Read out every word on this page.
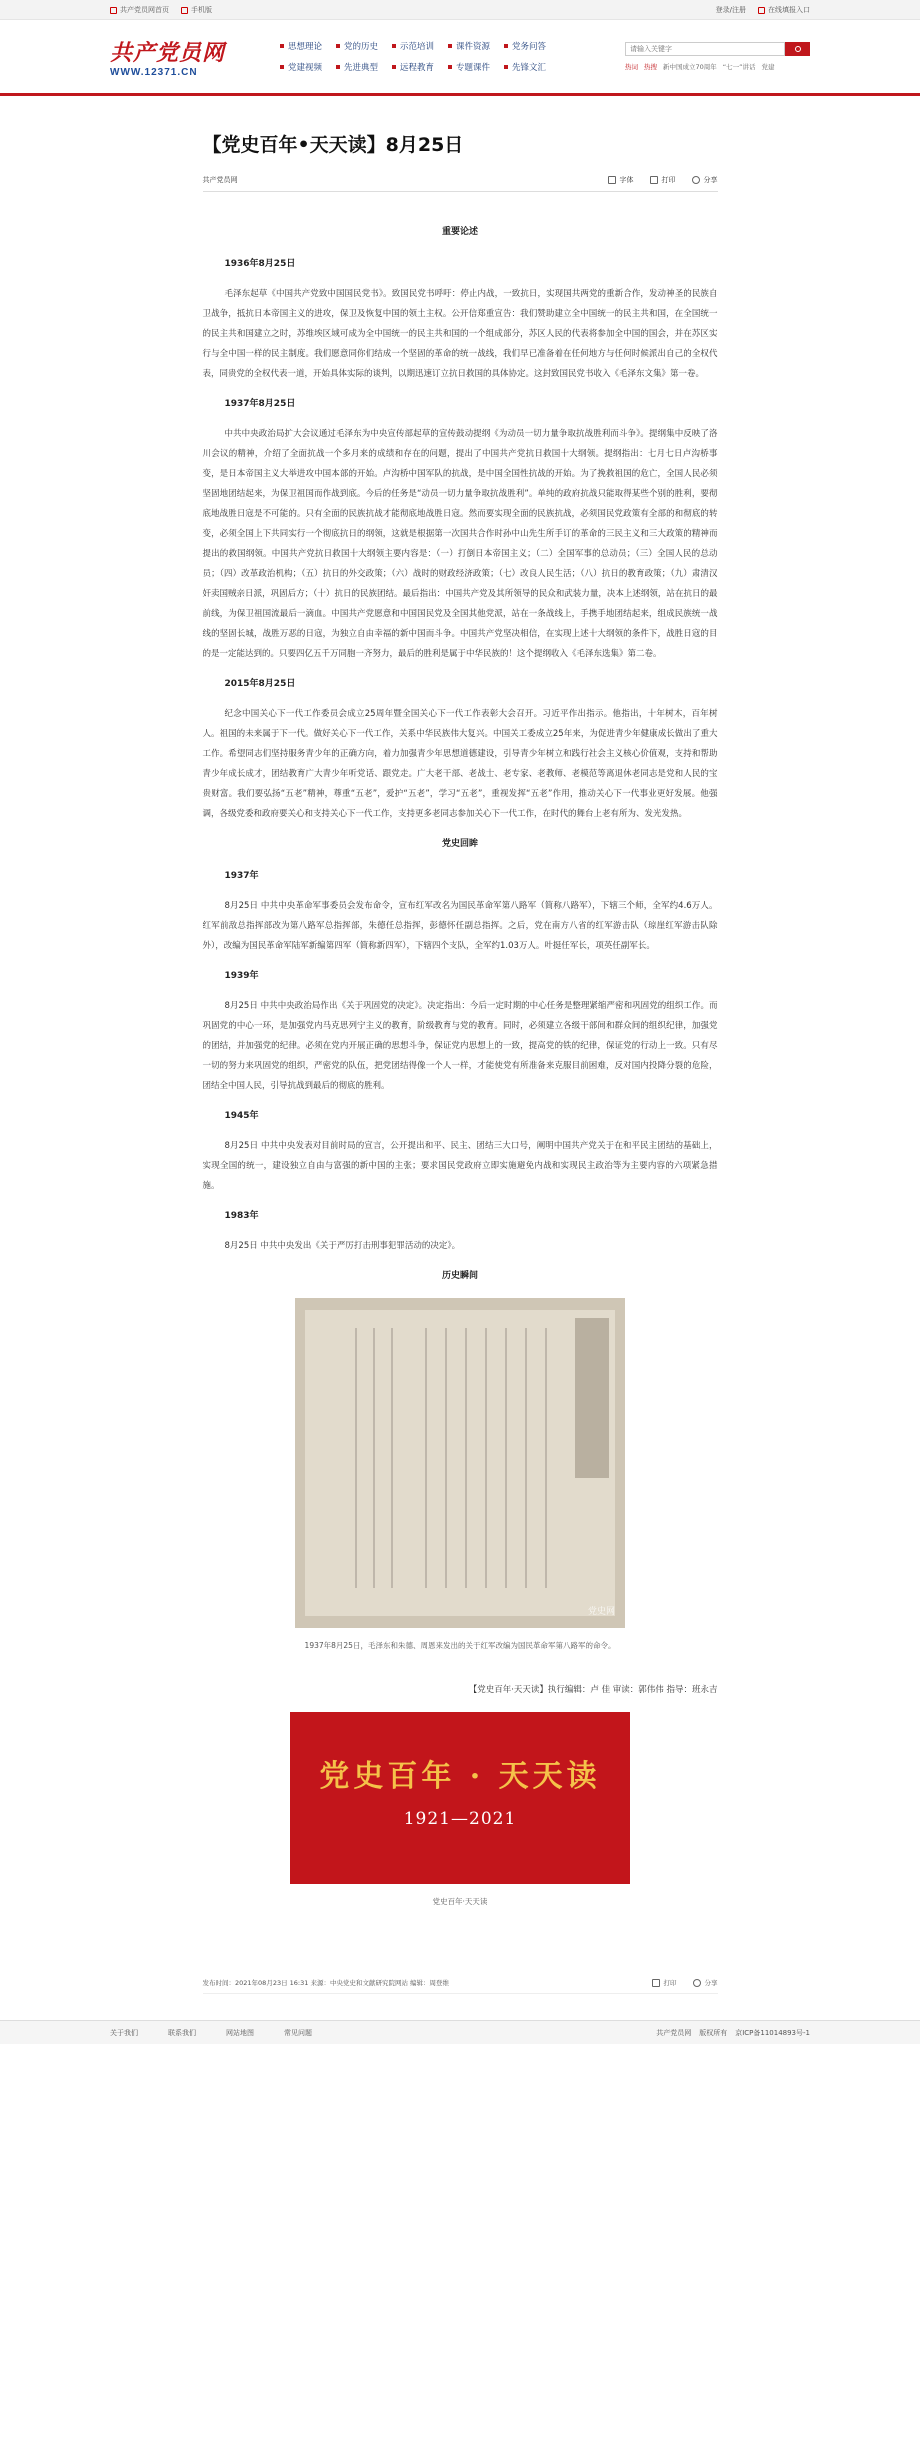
共产党员网首页	手机版	登录/注册	在线填报入口
共产党员网
WWW.12371.CN
思想理论	党的历史	示范培训	课件资源	党务问答
党建视频	先进典型	远程教育	专题课件	先锋文汇
请输入关键字	热词 热搜 新中国成立70周年 “七一”讲话 党建
【党史百年•天天读】8月25日
共产党员网	字体	打印	分享
重要论述
1936年8月25日

毛泽东起草《中国共产党致中国国民党书》。致国民党书呼吁：停止内战，一致抗日，实现国共两党的重新合作，发动神圣的民族自卫战争，抵抗日本帝国主义的进攻，保卫及恢复中国的领土主权。公开信郑重宣告：我们赞助建立全中国统一的民主共和国，在全国统一的民主共和国建立之时，苏维埃区域可成为全中国统一的民主共和国的一个组成部分，苏区人民的代表将参加全中国的国会，并在苏区实行与全中国一样的民主制度。我们愿意同你们结成一个坚固的革命的统一战线，我们早已准备着在任何地方与任何时候派出自己的全权代表，同贵党的全权代表一道，开始具体实际的谈判，以期迅速订立抗日救国的具体协定。这封致国民党书收入《毛泽东文集》第一卷。

1937年8月25日

中共中央政治局扩大会议通过毛泽东为中央宣传部起草的宣传鼓动提纲《为动员一切力量争取抗战胜利而斗争》。提纲集中反映了洛川会议的精神，介绍了全面抗战一个多月来的成绩和存在的问题，提出了中国共产党抗日救国十大纲领。提纲指出：七月七日卢沟桥事变，是日本帝国主义大举进攻中国本部的开始。卢沟桥中国军队的抗战，是中国全国性抗战的开始。为了挽救祖国的危亡，全国人民必须坚固地团结起来，为保卫祖国而作战到底。今后的任务是“动员一切力量争取抗战胜利”。单纯的政府抗战只能取得某些个别的胜利，要彻底地战胜日寇是不可能的。只有全面的民族抗战才能彻底地战胜日寇。然而要实现全面的民族抗战，必须国民党政策有全部的和彻底的转变，必须全国上下共同实行一个彻底抗日的纲领，这就是根据第一次国共合作时孙中山先生所手订的革命的三民主义和三大政策的精神而提出的救国纲领。中国共产党抗日救国十大纲领主要内容是：（一）打倒日本帝国主义；（二）全国军事的总动员；（三）全国人民的总动员；（四）改革政治机构；（五）抗日的外交政策；（六）战时的财政经济政策；（七）改良人民生活；（八）抗日的教育政策；（九）肃清汉奸卖国贼亲日派，巩固后方；（十）抗日的民族团结。最后指出：中国共产党及其所领导的民众和武装力量，决本上述纲领，站在抗日的最前线，为保卫祖国流最后一滴血。中国共产党愿意和中国国民党及全国其他党派，站在一条战线上，手携手地团结起来，组成民族统一战线的坚固长城，战胜万恶的日寇，为独立自由幸福的新中国而斗争。中国共产党坚决相信，在实现上述十大纲领的条件下，战胜日寇的目的是一定能达到的。只要四亿五千万同胞一齐努力，最后的胜利是属于中华民族的！这个提纲收入《毛泽东选集》第二卷。

2015年8月25日

纪念中国关心下一代工作委员会成立25周年暨全国关心下一代工作表彰大会召开。习近平作出指示。他指出，十年树木，百年树人。祖国的未来属于下一代。做好关心下一代工作，关系中华民族伟大复兴。中国关工委成立25年来，为促进青少年健康成长做出了重大工作。希望同志们坚持服务青少年的正确方向，着力加强青少年思想道德建设，引导青少年树立和践行社会主义核心价值观，支持和帮助青少年成长成才，团结教育广大青少年听党话、跟党走。广大老干部、老战士、老专家、老教师、老模范等离退休老同志是党和人民的宝贵财富。我们要弘扬“五老”精神，尊重“五老”，爱护“五老”，学习“五老”，重视发挥“五老”作用，推动关心下一代事业更好发展。他强调，各级党委和政府要关心和支持关心下一代工作，支持更多老同志参加关心下一代工作，在时代的舞台上老有所为、发光发热。

党史回眸
1937年

8月25日 中共中央革命军事委员会发布命令，宣布红军改名为国民革命军第八路军（简称八路军），下辖三个师，全军约4.6万人。红军前敌总指挥部改为第八路军总指挥部，朱德任总指挥，彭德怀任副总指挥。之后，党在南方八省的红军游击队（琼崖红军游击队除外），改编为国民革命军陆军新编第四军（简称新四军），下辖四个支队，全军约1.03万人。叶挺任军长，项英任副军长。

1939年

8月25日 中共中央政治局作出《关于巩固党的决定》。决定指出：今后一定时期的中心任务是整理紧缩严密和巩固党的组织工作。而巩固党的中心一环，是加强党内马克思列宁主义的教育，阶级教育与党的教育。同时，必须建立各级干部间和群众间的组织纪律，加强党的团结，并加强党的纪律。必须在党内开展正确的思想斗争，保证党内思想上的一致，提高党的铁的纪律，保证党的行动上一致。只有尽一切的努力来巩固党的组织，严密党的队伍，把党团结得像一个人一样，才能使党有所准备来克服目前困难，反对国内投降分裂的危险，团结全中国人民，引导抗战到最后的彻底的胜利。

1945年

8月25日 中共中央发表对目前时局的宣言，公开提出和平、民主、团结三大口号，阐明中国共产党关于在和平民主团结的基础上，实现全国的统一，建设独立自由与富强的新中国的主张；要求国民党政府立即实施避免内战和实现民主政治等为主要内容的六项紧急措施。

1983年

8月25日 中共中央发出《关于严厉打击刑事犯罪活动的决定》。

历史瞬间
党史网
1937年8月25日，毛泽东和朱德、周恩来发出的关于红军改编为国民革命军第八路军的命令。
【党史百年·天天读】执行编辑：卢 佳 审读：郭伟伟 指导：班永吉
党史百年 · 天天读
1921—2021
党史百年·天天读
发布时间：2021年08月23日 16:31 来源：中央党史和文献研究院网站 编辑：周登维	打印	分享
关于我们	联系我们	网站地图	常见问题	共产党员网 版权所有 京ICP备11014893号-1
